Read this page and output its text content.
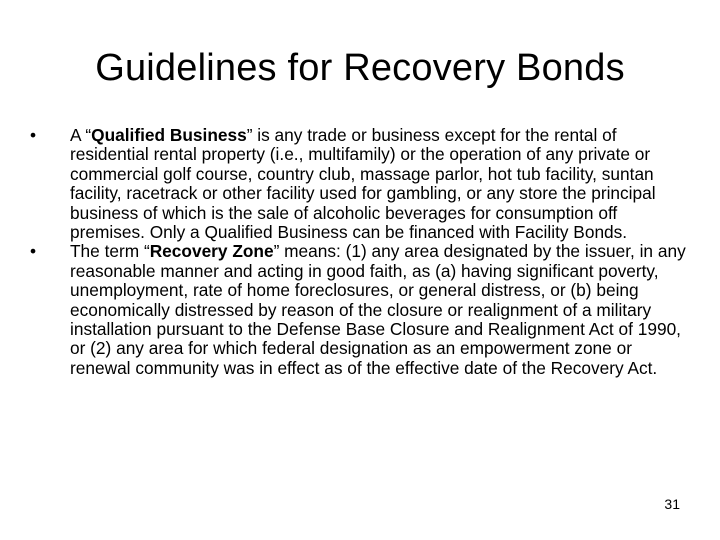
Guidelines for Recovery Bonds
•	A “Qualified Business” is any trade or business except for the rental of residential rental property (i.e., multifamily) or the operation of any private or commercial golf course, country club, massage parlor, hot tub facility, suntan facility, racetrack or other facility used for gambling, or any store the principal business of which is the sale of alcoholic beverages for consumption off premises. Only a Qualified Business can be financed with Facility Bonds.
•	The term “Recovery Zone” means: (1) any area designated by the issuer, in any reasonable manner and acting in good faith, as (a) having significant poverty, unemployment, rate of home foreclosures, or general distress, or (b) being economically distressed by reason of the closure or realignment of a military installation pursuant to the Defense Base Closure and Realignment Act of 1990, or (2) any area for which federal designation as an empowerment zone or renewal community was in effect as of the effective date of the Recovery Act.
31
